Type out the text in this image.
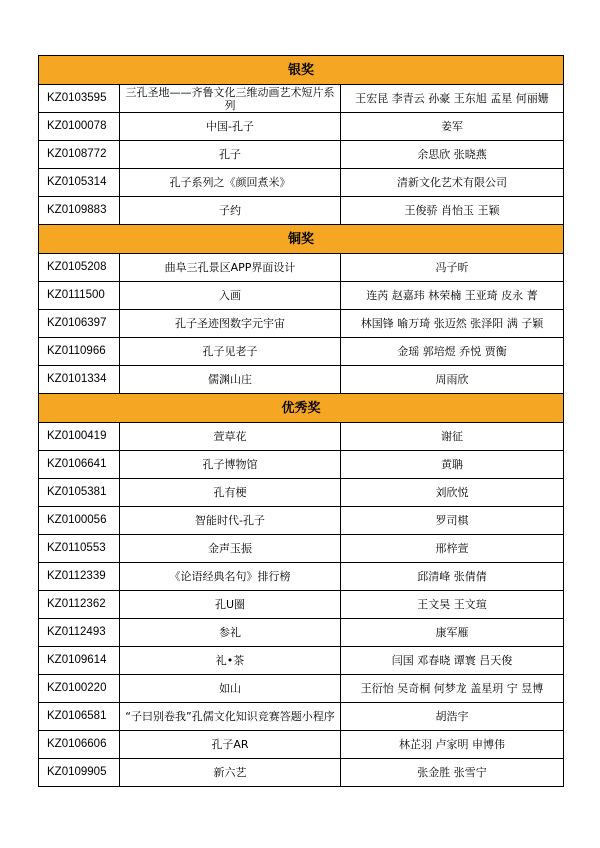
银奖		
KZ0103595	三孔圣地——齐鲁文化三维动画艺术短片系列	王宏昆 李青云 孙豪 王东旭 孟星 何丽姗
KZ0100078	中国-孔子	姜军
KZ0108772	孔子	余思欣 张晓燕
KZ0105314	孔子系列之《颜回煮米》	清新文化艺术有限公司
KZ0109883	子约	王俊骄 肖怡玉 王颖
铜奖		
KZ0105208	曲阜三孔景区APP界面设计	冯子昕
KZ0111500	入画	连芮 赵嘉玮 林荣楠 王亚琦 皮永 菁
KZ0106397	孔子圣迹图数字元宇宙	林国锋 喻万琦 张迈然 张泽阳 满 子颖
KZ0110966	孔子见老子	金瑶 郭培煜 乔悦 贾衡
KZ0101334	儒渊山庄	周雨欣
优秀奖		
KZ0100419	萱草花	谢征
KZ0106641	孔子博物馆	黄聃
KZ0105381	孔有梗	刘欣悦
KZ0100056	智能时代-孔子	罗司棋
KZ0110553	金声玉振	邢梓萱
KZ0112339	《论语经典名句》排行榜	邱清峰 张倩倩
KZ0112362	孔U圈	王文昊 王文瑄
KZ0112493	参礼	康军雁
KZ0109614	礼•茶	闫国 邓春晓 谭寰 吕天俊
KZ0100220	如山	王衍怡 吴奇桐 何梦龙 盖星玥 宁 昱博
KZ0106581	“子曰别卷我”孔儒文化知识竞赛答题小程序	胡浩宇
KZ0106606	孔子AR	林芷羽 卢家明 申博伟
KZ0109905	新六艺	张金胜 张雪宁
